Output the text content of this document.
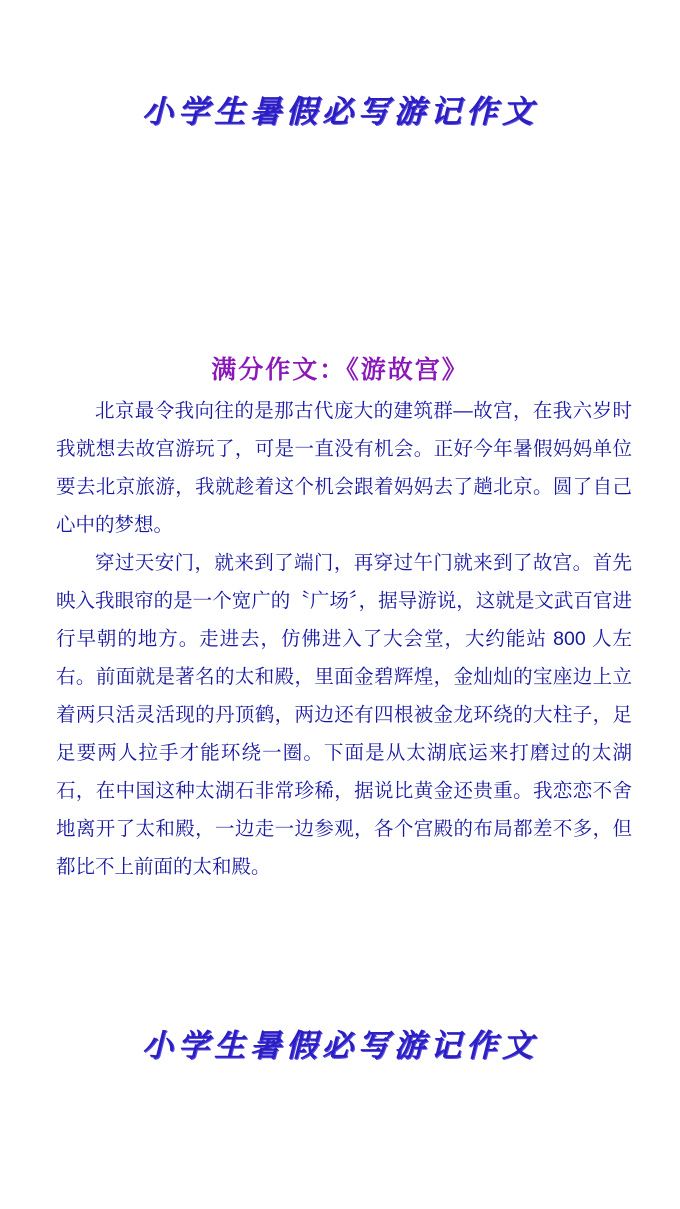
小学生暑假必写游记作文
满分作文：《游故宫》

北京最令我向往的是那古代庞大的建筑群—故宫，在我六岁时我就想去故宫游玩了，可是一直没有机会。正好今年暑假妈妈单位要去北京旅游，我就趁着这个机会跟着妈妈去了趟北京。圆了自己心中的梦想。

穿过天安门，就来到了端门，再穿过午门就来到了故宫。首先映入我眼帘的是一个宽广的〝广场〞，据导游说，这就是文武百官进行早朝的地方。走进去，仿佛进入了大会堂，大约能站 800 人左右。前面就是著名的太和殿，里面金碧辉煌，金灿灿的宝座边上立着两只活灵活现的丹顶鹤，两边还有四根被金龙环绕的大柱子，足足要两人拉手才能环绕一圈。下面是从太湖底运来打磨过的太湖石，在中国这种太湖石非常珍稀，据说比黄金还贵重。我恋恋不舍地离开了太和殿，一边走一边参观，各个宫殿的布局都差不多，但都比不上前面的太和殿。

小学生暑假必写游记作文
